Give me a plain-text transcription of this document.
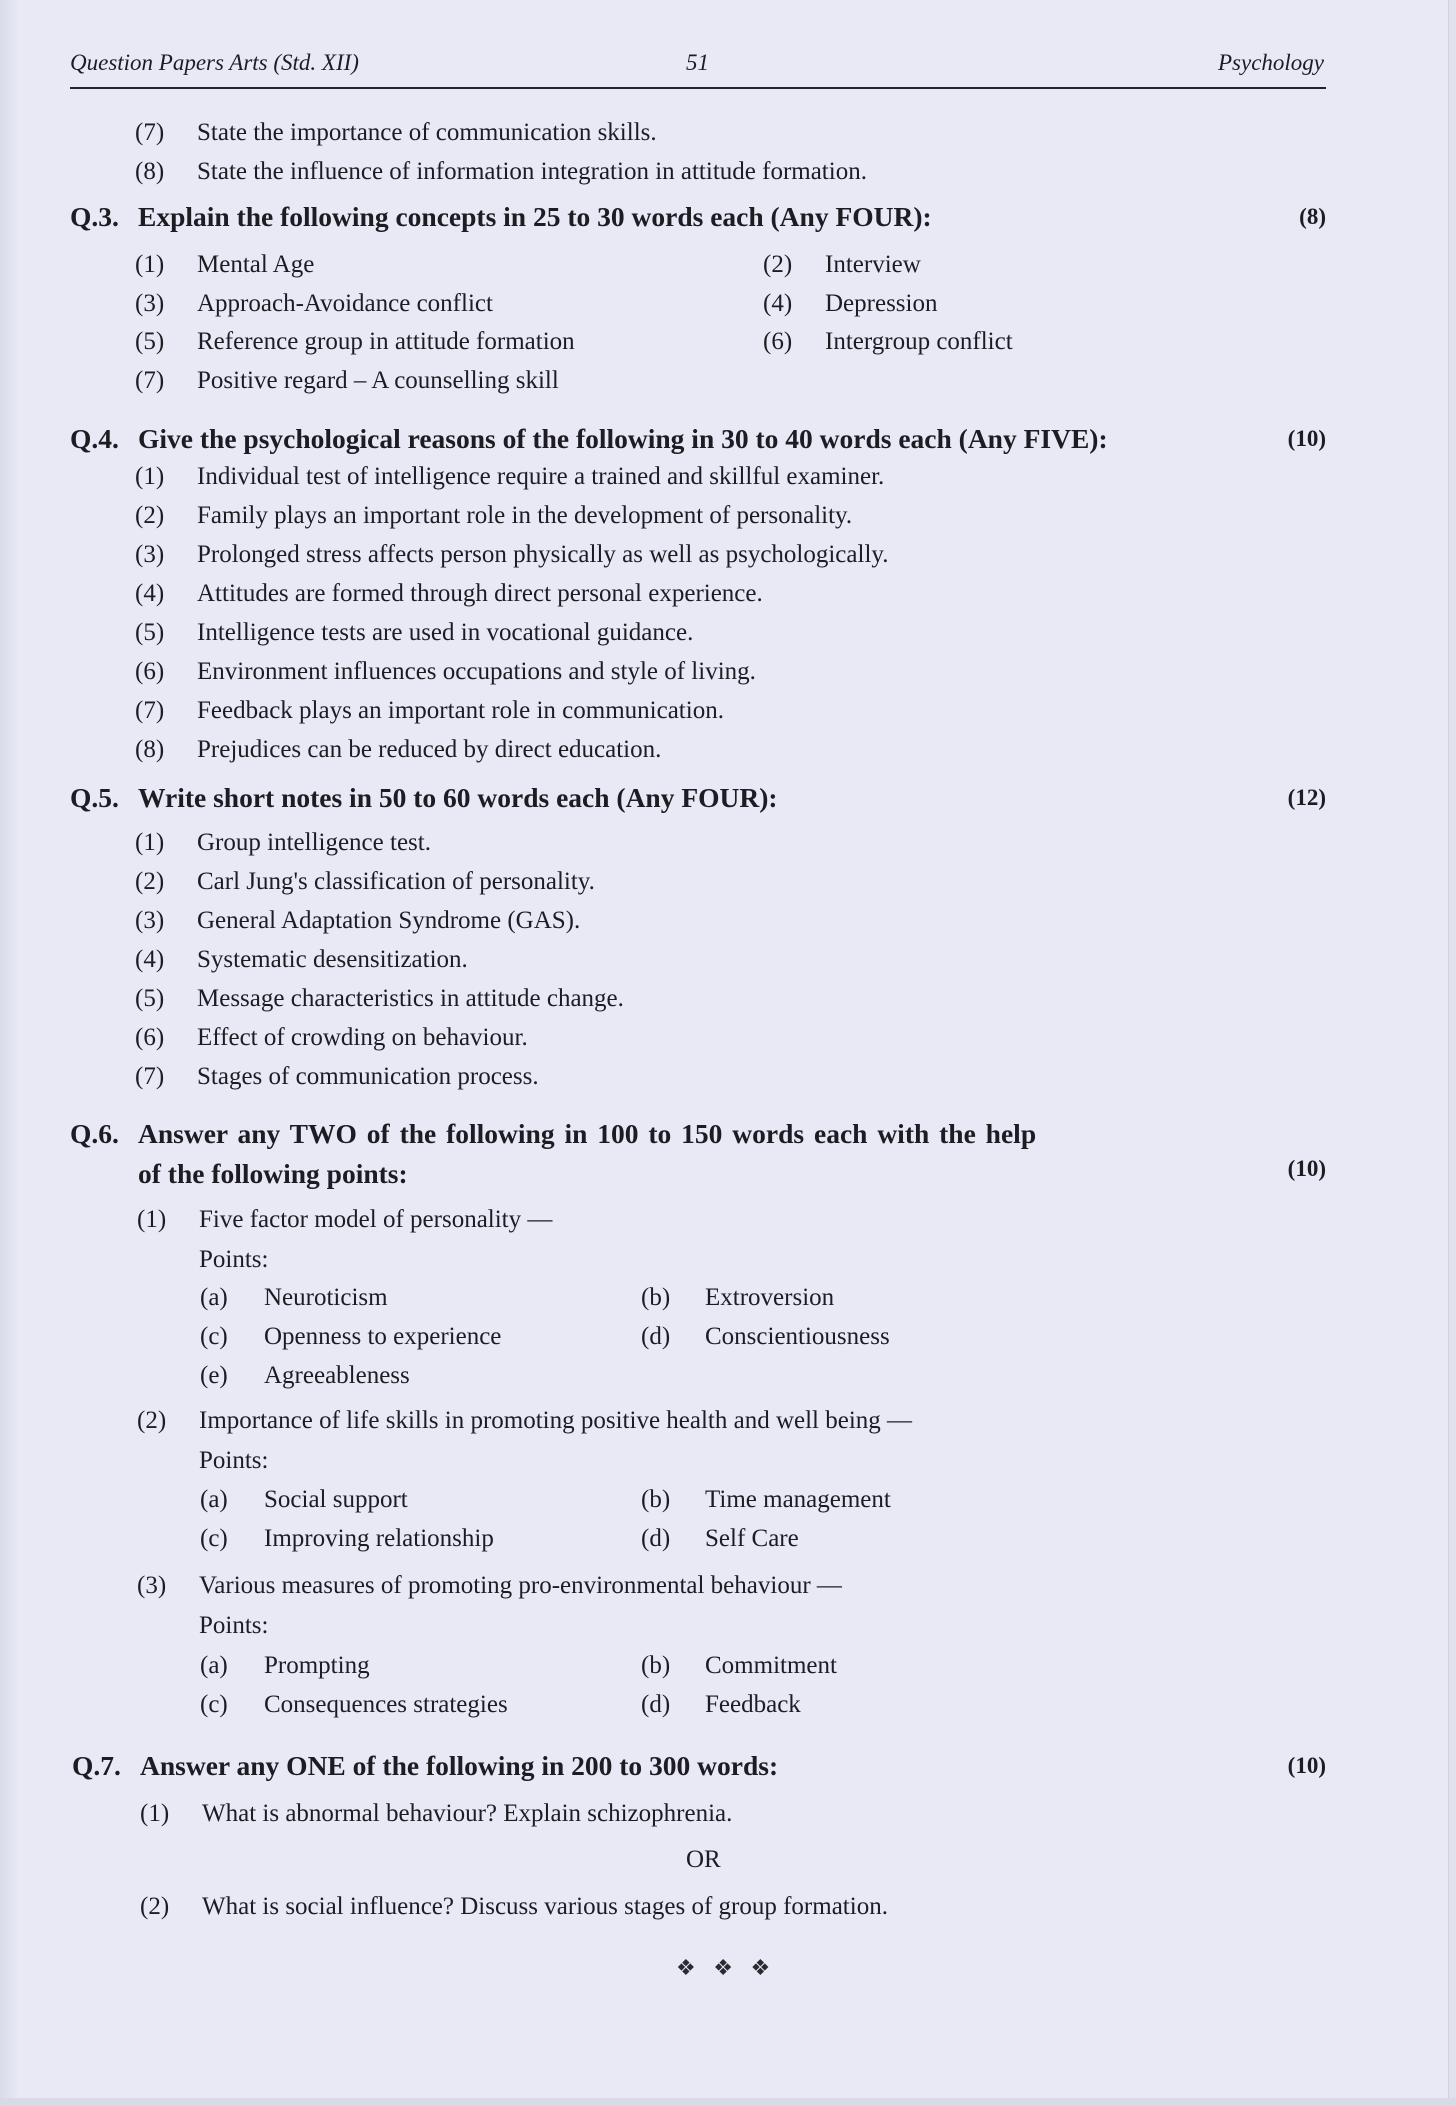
Question Papers Arts (Std. XII)	51	Psychology
(7) State the importance of communication skills.
(8) State the influence of information integration in attitude formation.
Q.3. Explain the following concepts in 25 to 30 words each (Any FOUR):	(8)
(1) Mental Age	(2) Interview
(3) Approach-Avoidance conflict	(4) Depression
(5) Reference group in attitude formation	(6) Intergroup conflict
(7) Positive regard – A counselling skill
Q.4. Give the psychological reasons of the following in 30 to 40 words each (Any FIVE):	(10)
(1) Individual test of intelligence require a trained and skillful examiner.
(2) Family plays an important role in the development of personality.
(3) Prolonged stress affects person physically as well as psychologically.
(4) Attitudes are formed through direct personal experience.
(5) Intelligence tests are used in vocational guidance.
(6) Environment influences occupations and style of living.
(7) Feedback plays an important role in communication.
(8) Prejudices can be reduced by direct education.
Q.5. Write short notes in 50 to 60 words each (Any FOUR):	(12)
(1) Group intelligence test.
(2) Carl Jung's classification of personality.
(3) General Adaptation Syndrome (GAS).
(4) Systematic desensitization.
(5) Message characteristics in attitude change.
(6) Effect of crowding on behaviour.
(7) Stages of communication process.
Q.6. Answer any TWO of the following in 100 to 150 words each with the help
of the following points:	(10)
(1) Five factor model of personality —
Points:
(a) Neuroticism	(b) Extroversion
(c) Openness to experience	(d) Conscientiousness
(e) Agreeableness
(2) Importance of life skills in promoting positive health and well being —
Points:
(a) Social support	(b) Time management
(c) Improving relationship	(d) Self Care
(3) Various measures of promoting pro-environmental behaviour —
Points:
(a) Prompting	(b) Commitment
(c) Consequences strategies	(d) Feedback
Q.7. Answer any ONE of the following in 200 to 300 words:	(10)
(1) What is abnormal behaviour? Explain schizophrenia.
OR
(2) What is social influence? Discuss various stages of group formation.
❖ ❖ ❖
